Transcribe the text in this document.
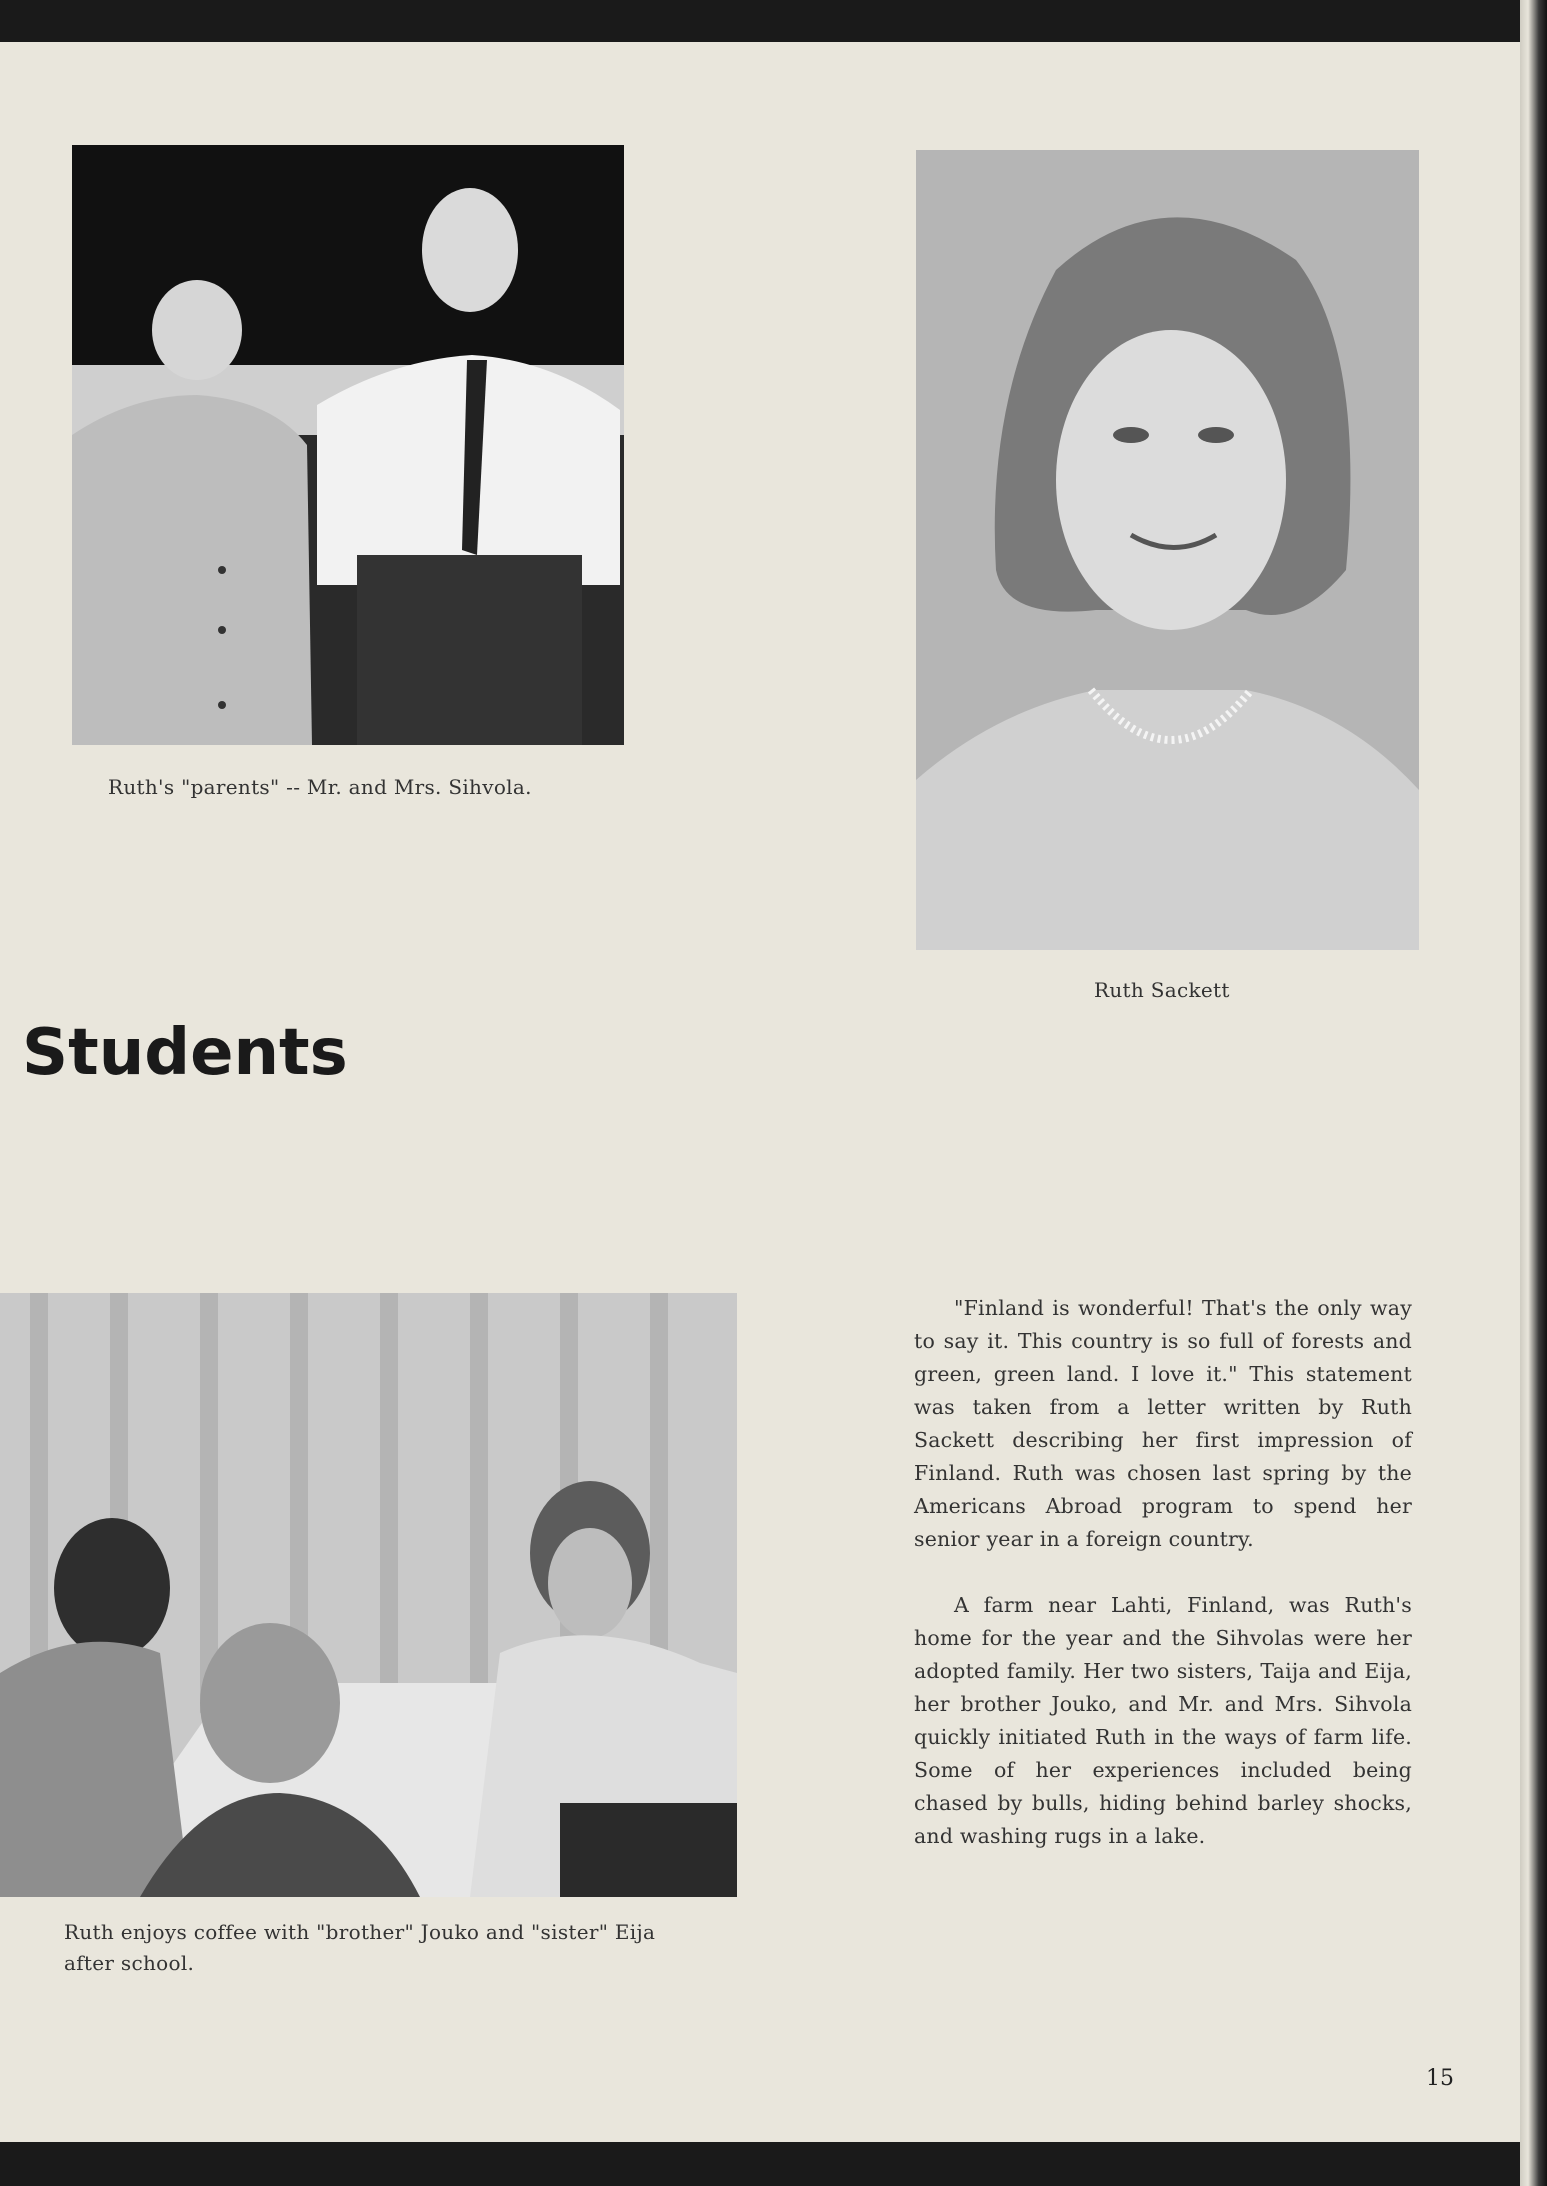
Ruth's "parents" -- Mr. and Mrs. Sihvola.
Ruth Sackett
Students
Ruth enjoys coffee with "brother" Jouko and "sister" Eija
after school.

"Finland is wonderful! That's the only way to say it. This country is so full of forests and green, green land. I love it." This statement was taken from a letter written by Ruth Sackett describing her first impression of Finland. Ruth was chosen last spring by the Americans Abroad program to spend her senior year in a foreign country.

A farm near Lahti, Finland, was Ruth's home for the year and the Sihvolas were her adopted family. Her two sisters, Taija and Eija, her brother Jouko, and Mr. and Mrs. Sihvola quickly initiated Ruth in the ways of farm life. Some of her experiences included being chased by bulls, hiding behind barley shocks, and washing rugs in a lake.

15
